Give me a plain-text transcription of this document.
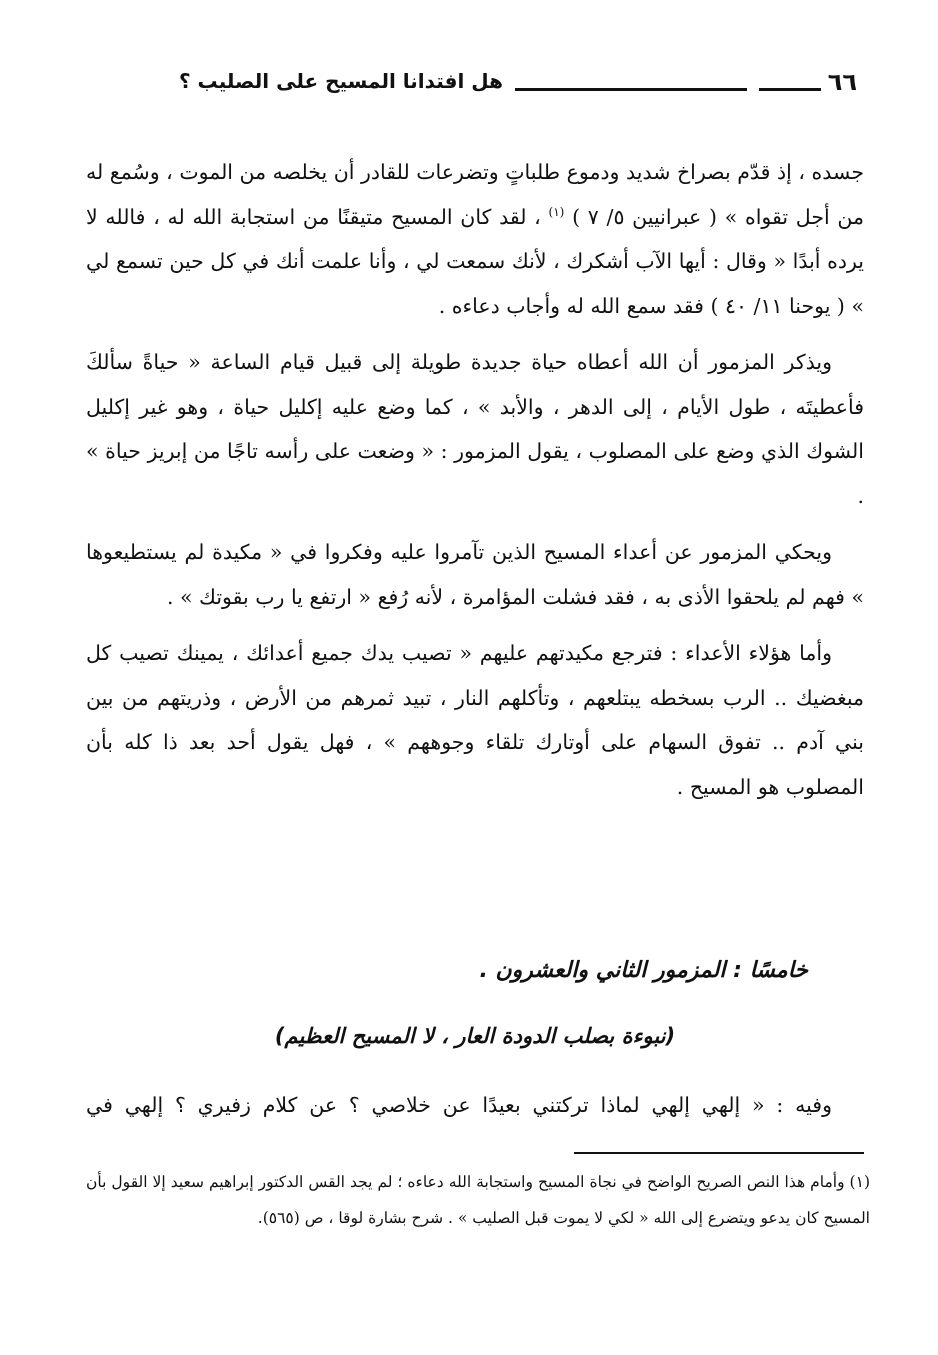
٦٦
هل افتدانا المسيح على الصليب ؟

جسده ، إذ قدّم بصراخ شديد ودموع طلباتٍ وتضرعات للقادر أن يخلصه من الموت ، وسُمع له من أجل تقواه » ( عبرانيين ٥/ ٧ ) $^{(١)}$ ، لقد كان المسيح متيقنًا من استجابة الله له ، فالله لا يرده أبدًا « وقال : أيها الآب أشكرك ، لأنك سمعت لي ، وأنا علمت أنك في كل حين تسمع لي » ( يوحنا ١١/ ٤٠ ) فقد سمع الله له وأجاب دعاءه .

ويذكر المزمور أن الله أعطاه حياة جديدة طويلة إلى قبيل قيام الساعة « حياةً سألكَ فأعطيتَه ، طول الأيام ، إلى الدهر ، والأبد » ، كما وضع عليه إكليل حياة ، وهو غير إكليل الشوك الذي وضع على المصلوب ، يقول المزمور : « وضعت على رأسه تاجًا من إبريز حياة » .

ويحكي المزمور عن أعداء المسيح الذين تآمروا عليه وفكروا في « مكيدة لم يستطيعوها » فهم لم يلحقوا الأذى به ، فقد فشلت المؤامرة ، لأنه رُفع « ارتفع يا رب بقوتك » .

وأما هؤلاء الأعداء : فترجع مكيدتهم عليهم « تصيب يدك جميع أعدائك ، يمينك تصيب كل مبغضيك .. الرب بسخطه يبتلعهم ، وتأكلهم النار ، تبيد ثمرهم من الأرض ، وذريتهم من بين بني آدم .. تفوق السهام على أوتارك تلقاء وجوههم » ، فهل يقول أحد بعد ذا كله بأن المصلوب هو المسيح .

خامسًا : المزمور الثاني والعشرون .
(نبوءة بصلب الدودة العار ، لا المسيح العظيم)
وفيه : « إلهي إلهي لماذا تركتني بعيدًا عن خلاصي ؟ عن كلام زفيري ؟ إلهي في

(١) وأمام هذا النص الصريح الواضح في نجاة المسيح واستجابة الله دعاءه ؛ لم يجد القس الدكتور إبراهيم سعيد إلا القول بأن المسيح كان يدعو ويتضرع إلى الله « لكي لا يموت قبل الصليب » . شرح بشارة لوقا ، ص (٥٦٥).
